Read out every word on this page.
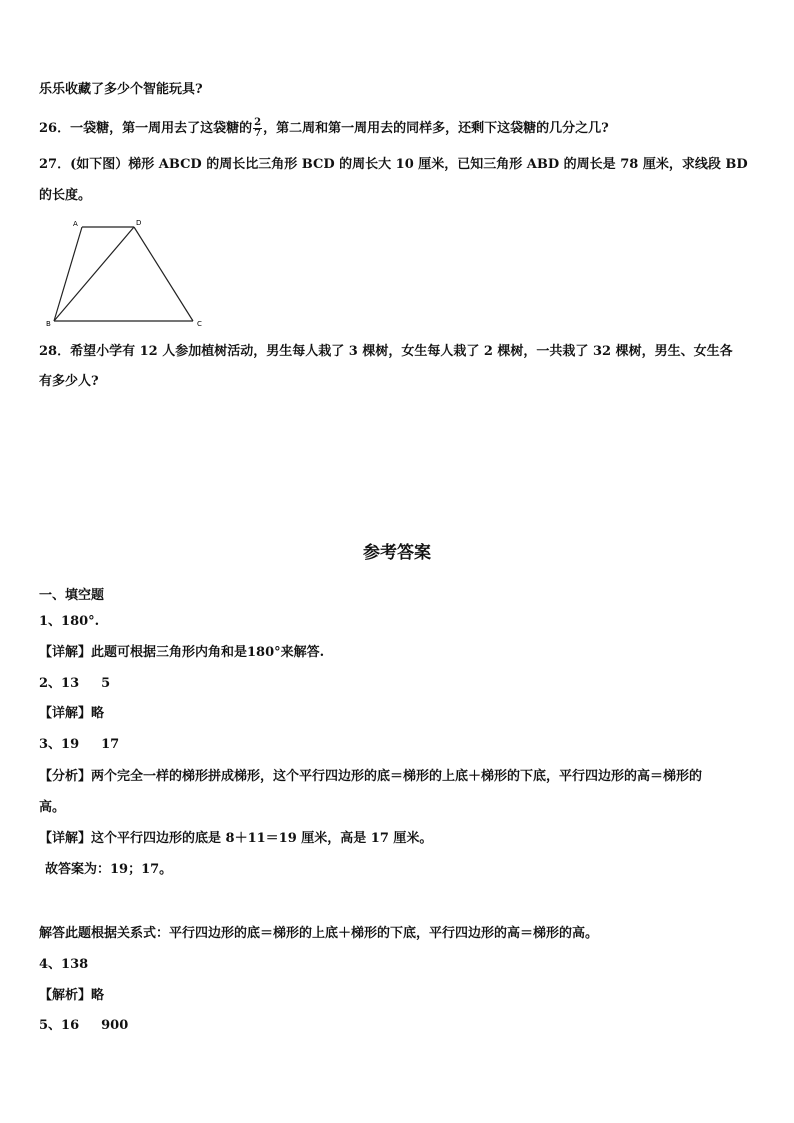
乐乐收藏了多少个智能玩具?
26．一袋糖，第一周用去了这袋糖的 $\frac{2}{7}$ ，第二周和第一周用去的同样多，还剩下这袋糖的几分之几?
27．(如下图）梯形 ABCD 的周长比三角形 BCD 的周长大 10 厘米，已知三角形 ABD 的周长是 78 厘米，求线段 BD
的长度。
A	D
B	C
28．希望小学有 12 人参加植树活动，男生每人栽了 3 棵树，女生每人栽了 2 棵树，一共栽了 32 棵树，男生、女生各
有多少人?
参考答案
一、填空题
1、180°.
【详解】此题可根据三角形内角和是180°来解答.
2、13 5
【详解】略
3、19 17
【分析】两个完全一样的梯形拼成梯形，这个平行四边形的底＝梯形的上底＋梯形的下底，平行四边形的高＝梯形的
高。
【详解】这个平行四边形的底是 8＋11＝19 厘米，高是 17 厘米。
故答案为：19；17。
解答此题根据关系式：平行四边形的底＝梯形的上底＋梯形的下底，平行四边形的高＝梯形的高。
4、138
【解析】略
5、16 900
